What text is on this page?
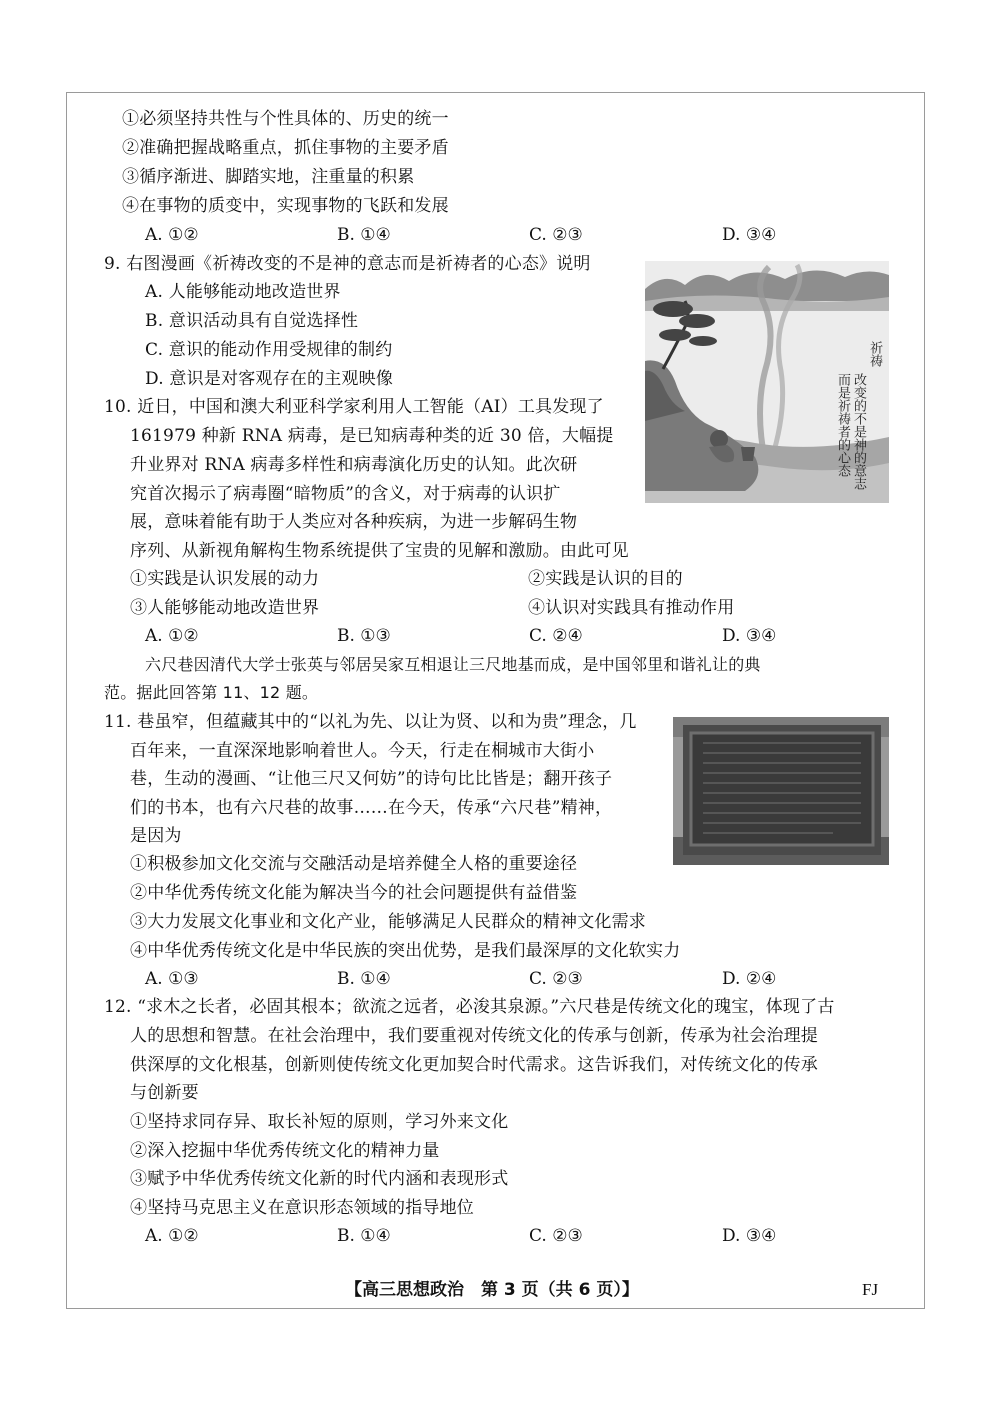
①必须坚持共性与个性具体的、历史的统一
②准确把握战略重点，抓住事物的主要矛盾
③循序渐进、脚踏实地，注重量的积累
④在事物的质变中，实现事物的飞跃和发展
A. ①②	B. ①④	C. ②③	D. ③④
9. 右图漫画《祈祷改变的不是神的意志而是祈祷者的心态》说明
A. 人能够能动地改造世界
B. 意识活动具有自觉选择性
C. 意识的能动作用受规律的制约
D. 意识是对客观存在的主观映像
祈祷
改变的不是神的意志
而是祈祷者的心态
10. 近日，中国和澳大利亚科学家利用人工智能（AI）工具发现了
161979 种新 RNA 病毒，是已知病毒种类的近 30 倍，大幅提
升业界对 RNA 病毒多样性和病毒演化历史的认知。此次研
究首次揭示了病毒圈“暗物质”的含义，对于病毒的认识扩
展，意味着能有助于人类应对各种疾病，为进一步解码生物
序列、从新视角解构生物系统提供了宝贵的见解和激励。由此可见
①实践是认识发展的动力	②实践是认识的目的
③人能够能动地改造世界	④认识对实践具有推动作用
A. ①②	B. ①③	C. ②④	D. ③④
六尺巷因清代大学士张英与邻居吴家互相退让三尺地基而成，是中国邻里和谐礼让的典
范。据此回答第 11、12 题。
11. 巷虽窄，但蕴藏其中的“以礼为先、以让为贤、以和为贵”理念，几
百年来，一直深深地影响着世人。今天，行走在桐城市大街小
巷，生动的漫画、“让他三尺又何妨”的诗句比比皆是；翻开孩子
们的书本，也有六尺巷的故事……在今天，传承“六尺巷”精神，
是因为
①积极参加文化交流与交融活动是培养健全人格的重要途径
②中华优秀传统文化能为解决当今的社会问题提供有益借鉴
③大力发展文化事业和文化产业，能够满足人民群众的精神文化需求
④中华优秀传统文化是中华民族的突出优势，是我们最深厚的文化软实力
A. ①③	B. ①④	C. ②③	D. ②④
12. “求木之长者，必固其根本；欲流之远者，必浚其泉源。”六尺巷是传统文化的瑰宝，体现了古
人的思想和智慧。在社会治理中，我们要重视对传统文化的传承与创新，传承为社会治理提
供深厚的文化根基，创新则使传统文化更加契合时代需求。这告诉我们，对传统文化的传承
与创新要
①坚持求同存异、取长补短的原则，学习外来文化
②深入挖掘中华优秀传统文化的精神力量
③赋予中华优秀传统文化新的时代内涵和表现形式
④坚持马克思主义在意识形态领域的指导地位
A. ①②	B. ①④	C. ②③	D. ③④
【高三思想政治　第 3 页（共 6 页）】	FJ
